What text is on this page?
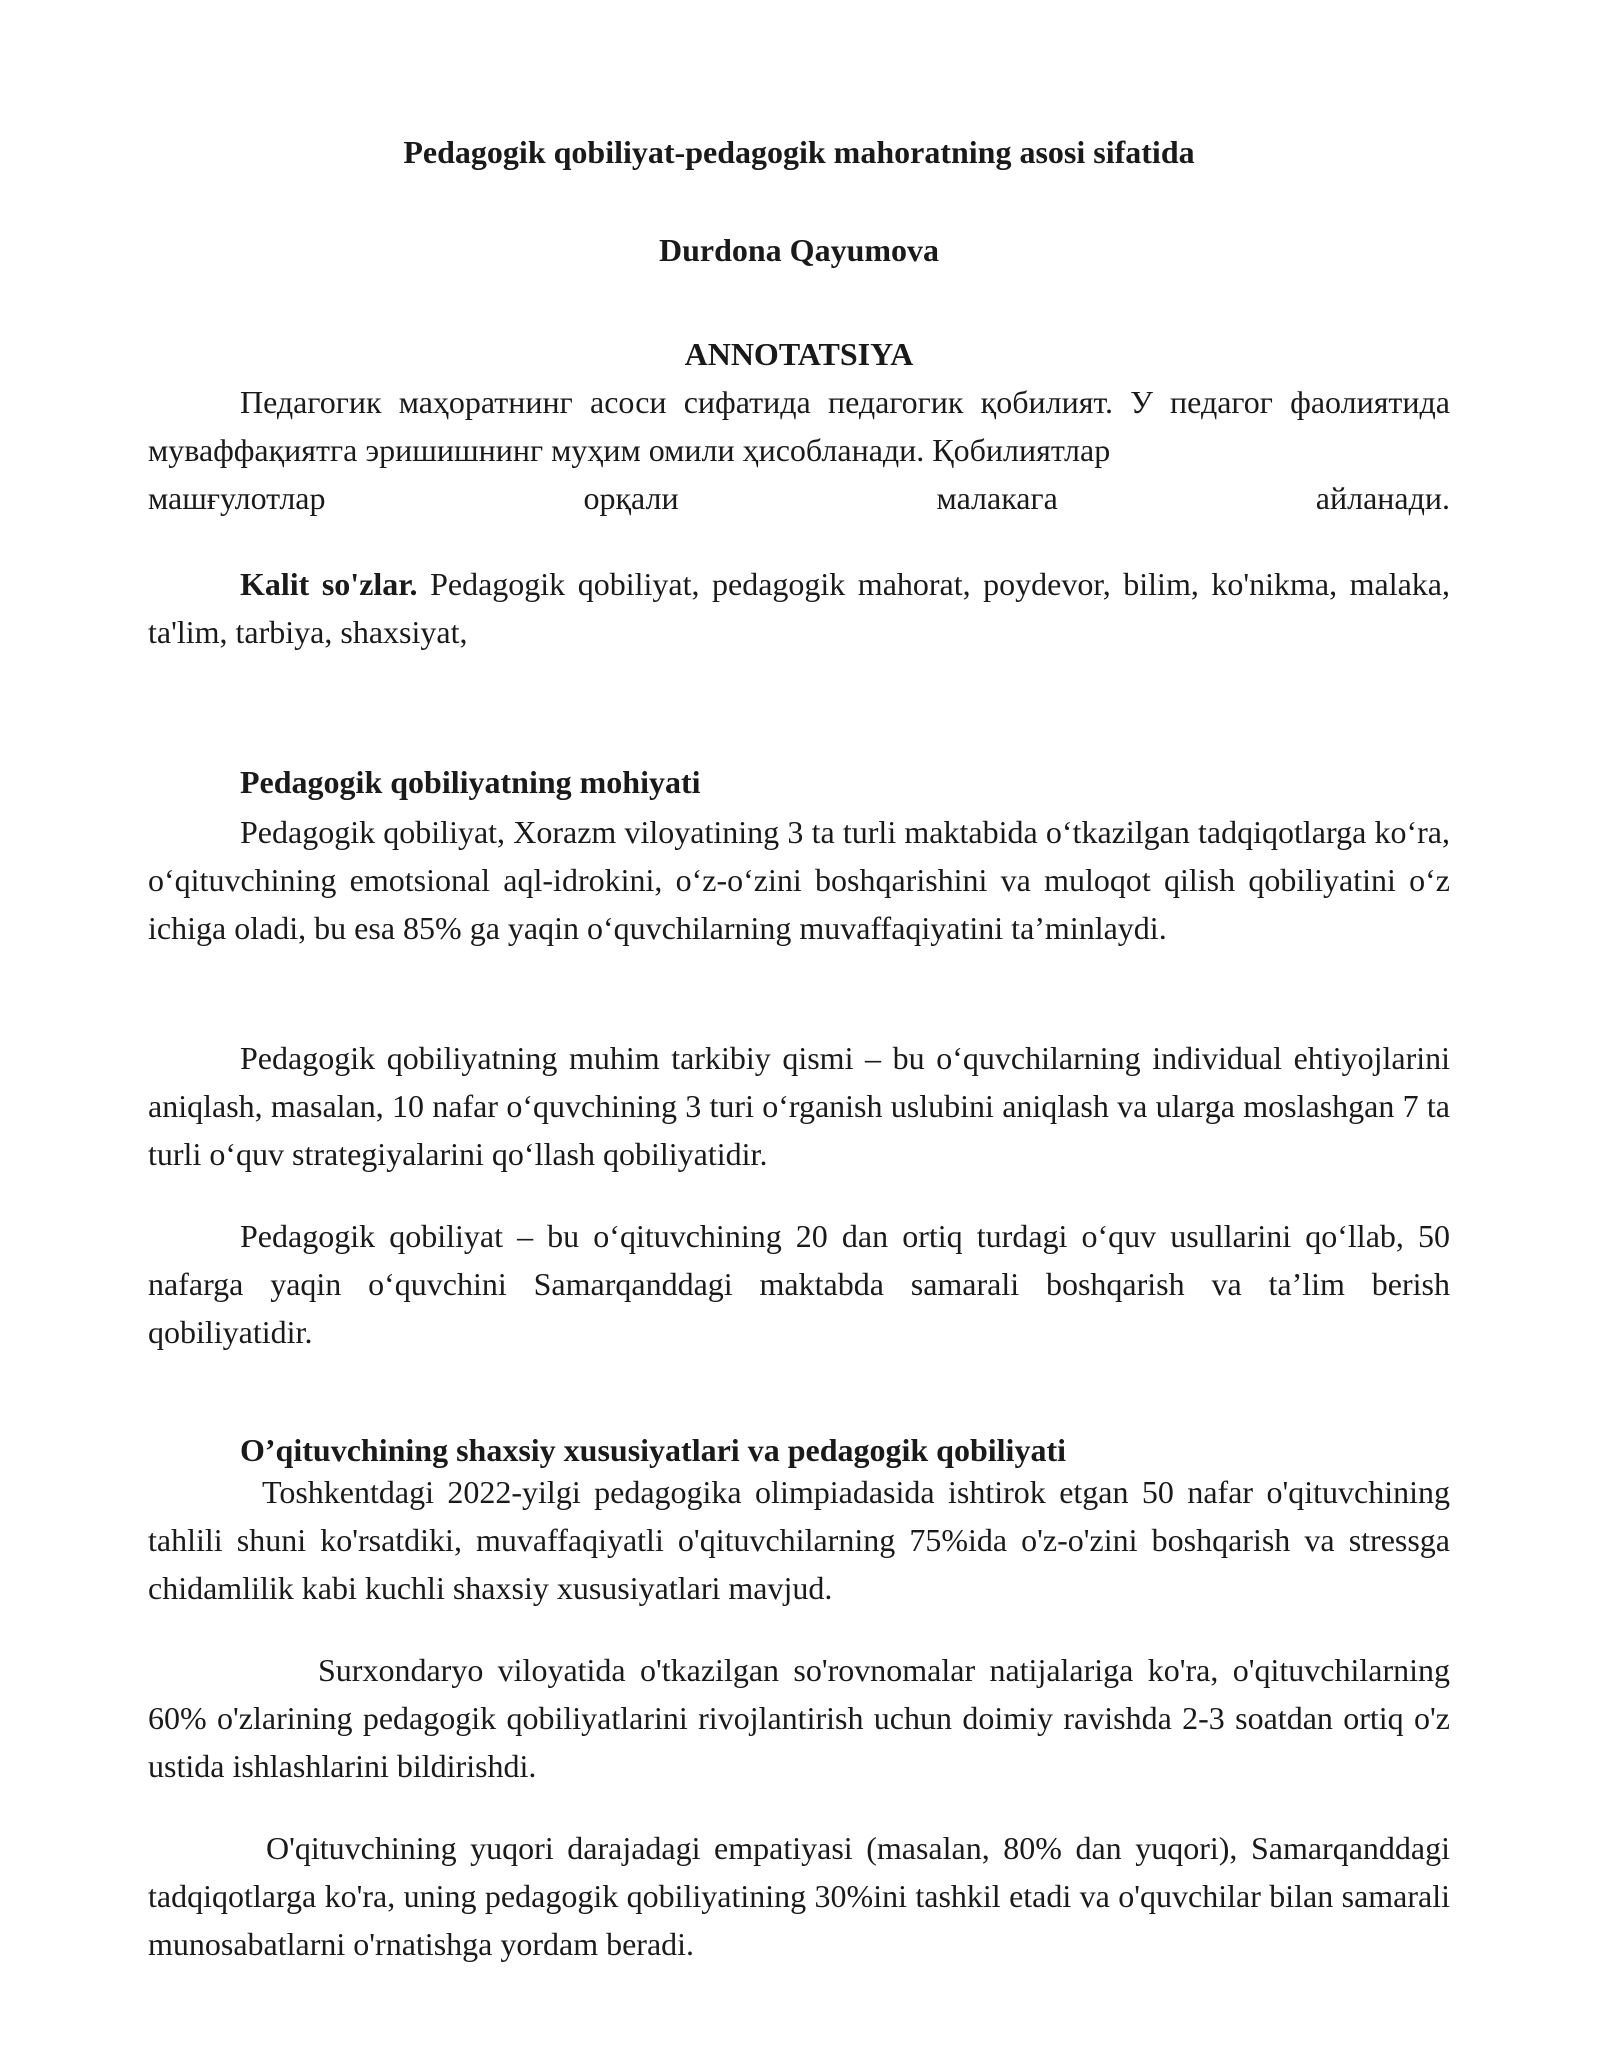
Pedagogik qobiliyat-pedagogik mahoratning asosi sifatida
Durdona Qayumova
ANNOTATSIYA
Педагогик маҳоратнинг асоси сифатида педагогик қобилият. У педагог фаолиятида муваффақиятга эришишнинг муҳим омили ҳисобланади. Қобилиятлар
машғулотлар орқали малакага айланади.

Kalit so'zlar. Pedagogik qobiliyat, pedagogik mahorat, poydevor, bilim, ko'nikma, malaka, ta'lim, tarbiya, shaxsiyat,

Pedagogik qobiliyatning mohiyati

Pedagogik qobiliyat, Xorazm viloyatining 3 ta turli maktabida oʻtkazilgan tadqiqotlarga koʻra, oʻqituvchining emotsional aql-idrokini, oʻz-oʻzini boshqarishini va muloqot qilish qobiliyatini oʻz ichiga oladi, bu esa 85% ga yaqin oʻquvchilarning muvaffaqiyatini taʼminlaydi.

Pedagogik qobiliyatning muhim tarkibiy qismi – bu oʻquvchilarning individual ehtiyojlarini aniqlash, masalan, 10 nafar oʻquvchining 3 turi oʻrganish uslubini aniqlash va ularga moslashgan 7 ta turli oʻquv strategiyalarini qoʻllash qobiliyatidir.

Pedagogik qobiliyat – bu oʻqituvchining 20 dan ortiq turdagi oʻquv usullarini qoʻllab, 50 nafarga yaqin oʻquvchini Samarqanddagi maktabda samarali boshqarish va taʼlim berish qobiliyatidir.

O’qituvchining shaxsiy xususiyatlari va pedagogik qobiliyati

Toshkentdagi 2022-yilgi pedagogika olimpiadasida ishtirok etgan 50 nafar o'qituvchining tahlili shuni ko'rsatdiki, muvaffaqiyatli o'qituvchilarning 75%ida o'z-o'zini boshqarish va stressga chidamlilik kabi kuchli shaxsiy xususiyatlari mavjud.

Surxondaryo viloyatida o'tkazilgan so'rovnomalar natijalariga ko'ra, o'qituvchilarning 60% o'zlarining pedagogik qobiliyatlarini rivojlantirish uchun doimiy ravishda 2-3 soatdan ortiq o'z ustida ishlashlarini bildirishdi.

O'qituvchining yuqori darajadagi empatiyasi (masalan, 80% dan yuqori), Samarqanddagi tadqiqotlarga ko'ra, uning pedagogik qobiliyatining 30%ini tashkil etadi va o'quvchilar bilan samarali munosabatlarni o'rnatishga yordam beradi.
